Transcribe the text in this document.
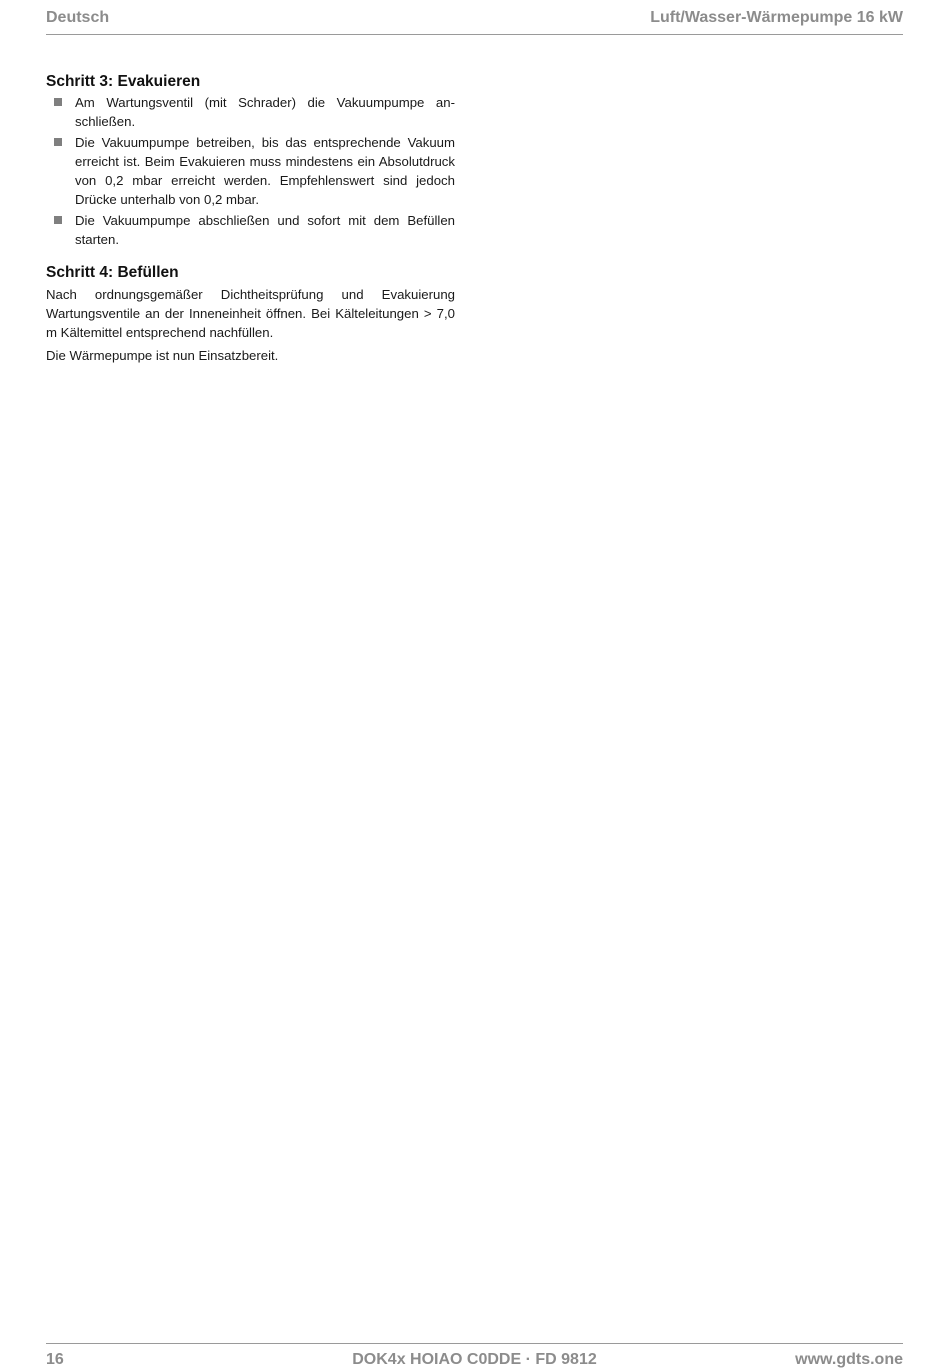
Deutsch	Luft/Wasser-Wärmepumpe 16 kW
Schritt 3: Evakuieren
Am Wartungsventil (mit Schrader) die Vakuumpumpe anschließen.
Die Vakuumpumpe betreiben, bis das entsprechende Vakuum erreicht ist. Beim Evakuieren muss mindestens ein Absolutdruck von 0,2 mbar erreicht werden. Empfehlenswert sind jedoch Drücke unterhalb von 0,2 mbar.
Die Vakuumpumpe abschließen und sofort mit dem Befüllen starten.
Schritt 4: Befüllen

Nach ordnungsgemäßer Dichtheitsprüfung und Evakuierung Wartungsventile an der Inneneinheit öffnen. Bei Kälteleitungen > 7,0 m Kältemittel entsprechend nachfüllen.

Die Wärmepumpe ist nun Einsatzbereit.

16	DOK4x HOIAO C0DDE · FD 9812	www.gdts.one
